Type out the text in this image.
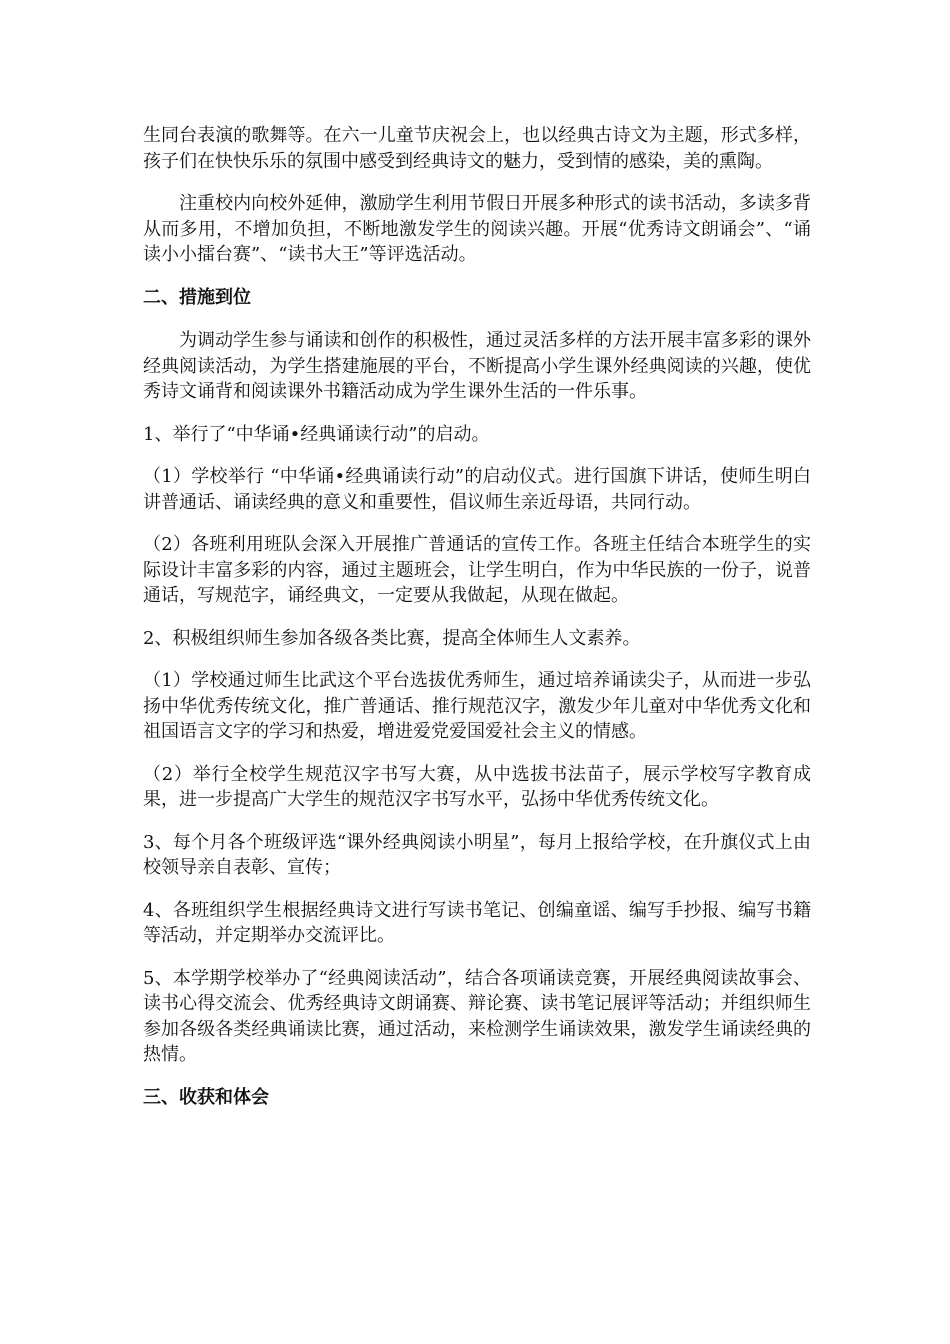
生同台表演的歌舞等。在六一儿童节庆祝会上，也以经典古诗文为主题，形式多样，孩子们在快快乐乐的氛围中感受到经典诗文的魅力，受到情的感染，美的熏陶。

注重校内向校外延伸，激励学生利用节假日开展多种形式的读书活动，多读多背从而多用，不增加负担，不断地激发学生的阅读兴趣。开展“优秀诗文朗诵会”、“诵读小小擂台赛”、“读书大王”等评选活动。

二、措施到位

为调动学生参与诵读和创作的积极性，通过灵活多样的方法开展丰富多彩的课外经典阅读活动，为学生搭建施展的平台，不断提高小学生课外经典阅读的兴趣，使优秀诗文诵背和阅读课外书籍活动成为学生课外生活的一件乐事。

1、举行了“中华诵•经典诵读行动”的启动。

（1）学校举行 “中华诵•经典诵读行动”的启动仪式。进行国旗下讲话，使师生明白讲普通话、诵读经典的意义和重要性，倡议师生亲近母语，共同行动。

（2）各班利用班队会深入开展推广普通话的宣传工作。各班主任结合本班学生的实际设计丰富多彩的内容，通过主题班会，让学生明白，作为中华民族的一份子，说普通话，写规范字，诵经典文，一定要从我做起，从现在做起。

2、积极组织师生参加各级各类比赛，提高全体师生人文素养。

（1）学校通过师生比武这个平台选拔优秀师生，通过培养诵读尖子，从而进一步弘扬中华优秀传统文化，推广普通话、推行规范汉字，激发少年儿童对中华优秀文化和祖国语言文字的学习和热爱，增进爱党爱国爱社会主义的情感。

（2）举行全校学生规范汉字书写大赛，从中选拔书法苗子，展示学校写字教育成果，进一步提高广大学生的规范汉字书写水平，弘扬中华优秀传统文化。

3、每个月各个班级评选“课外经典阅读小明星”，每月上报给学校，在升旗仪式上由校领导亲自表彰、宣传；

4、各班组织学生根据经典诗文进行写读书笔记、创编童谣、编写手抄报、编写书籍等活动，并定期举办交流评比。

5、本学期学校举办了“经典阅读活动”，结合各项诵读竞赛，开展经典阅读故事会、读书心得交流会、优秀经典诗文朗诵赛、辩论赛、读书笔记展评等活动；并组织师生参加各级各类经典诵读比赛，通过活动，来检测学生诵读效果，激发学生诵读经典的热情。

三、收获和体会
